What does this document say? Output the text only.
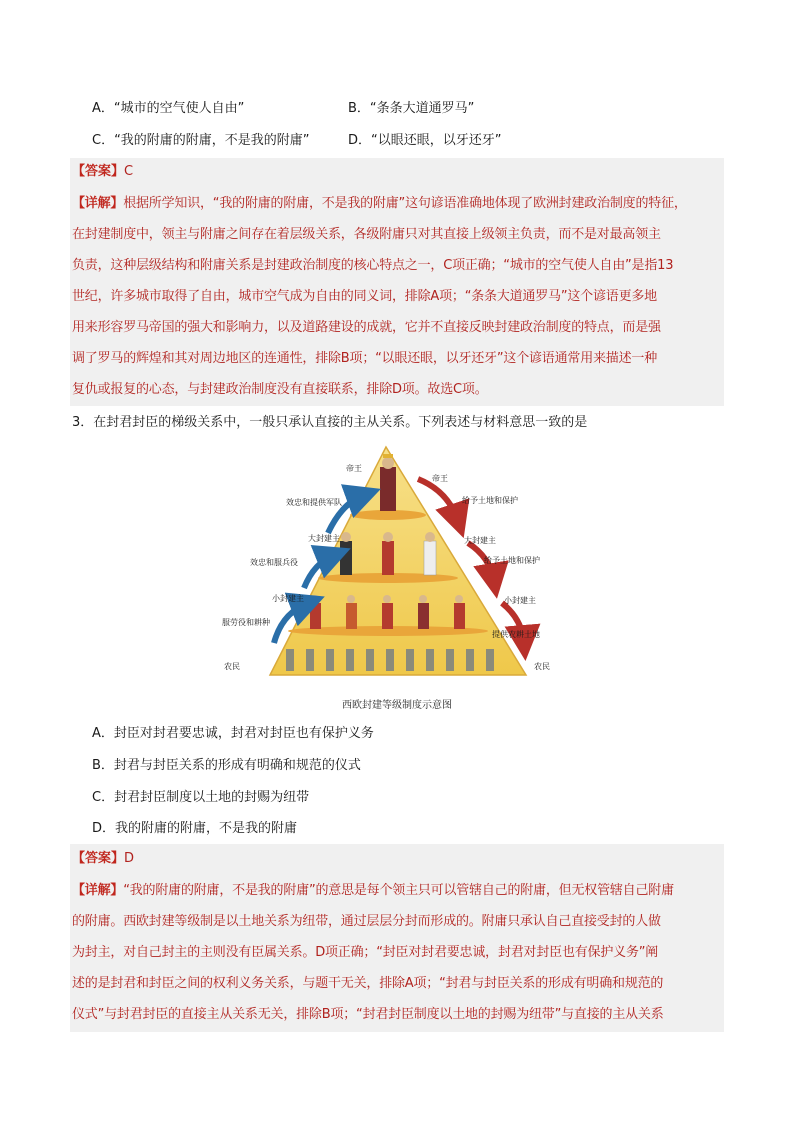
A．“城市的空气使人自由”	B．“条条大道通罗马”
C．“我的附庸的附庸，不是我的附庸”	D．“以眼还眼，以牙还牙”
【答案】C
【详解】根据所学知识，“我的附庸的附庸，不是我的附庸”这句谚语准确地体现了欧洲封建政治制度的特征，
在封建制度中，领主与附庸之间存在着层级关系，各级附庸只对其直接上级领主负责，而不是对最高领主
负责，这种层级结构和附庸关系是封建政治制度的核心特点之一，C项正确；“城市的空气使人自由”是指13
世纪，许多城市取得了自由，城市空气成为自由的同义词，排除A项；“条条大道通罗马”这个谚语更多地
用来形容罗马帝国的强大和影响力，以及道路建设的成就，它并不直接反映封建政治制度的特点，而是强
调了罗马的辉煌和其对周边地区的连通性，排除B项；“以眼还眼，以牙还牙”这个谚语通常用来描述一种
复仇或报复的心态，与封建政治制度没有直接联系，排除D项。故选C项。
3．在封君封臣的梯级关系中，一般只承认直接的主从关系。下列表述与材料意思一致的是
帝王
帝王
大封建主	大封建主
小封建主	小封建主
农民	农民
服劳役和耕种
效忠和服兵役
效忠和提供军队	给予土地和保护
给予土地和保护
提供农耕土地
西欧封建等级制度示意图
A．封臣对封君要忠诚，封君对封臣也有保护义务
B．封君与封臣关系的形成有明确和规范的仪式
C．封君封臣制度以土地的封赐为纽带
D．我的附庸的附庸，不是我的附庸
【答案】D
【详解】“我的附庸的附庸，不是我的附庸”的意思是每个领主只可以管辖自己的附庸，但无权管辖自己附庸
的附庸。西欧封建等级制是以土地关系为纽带，通过层层分封而形成的。附庸只承认自己直接受封的人做
为封主，对自己封主的主则没有臣属关系。D项正确；“封臣对封君要忠诚，封君对封臣也有保护义务”阐
述的是封君和封臣之间的权利义务关系，与题干无关，排除A项；“封君与封臣关系的形成有明确和规范的
仪式”与封君封臣的直接主从关系无关，排除B项；“封君封臣制度以土地的封赐为纽带”与直接的主从关系
